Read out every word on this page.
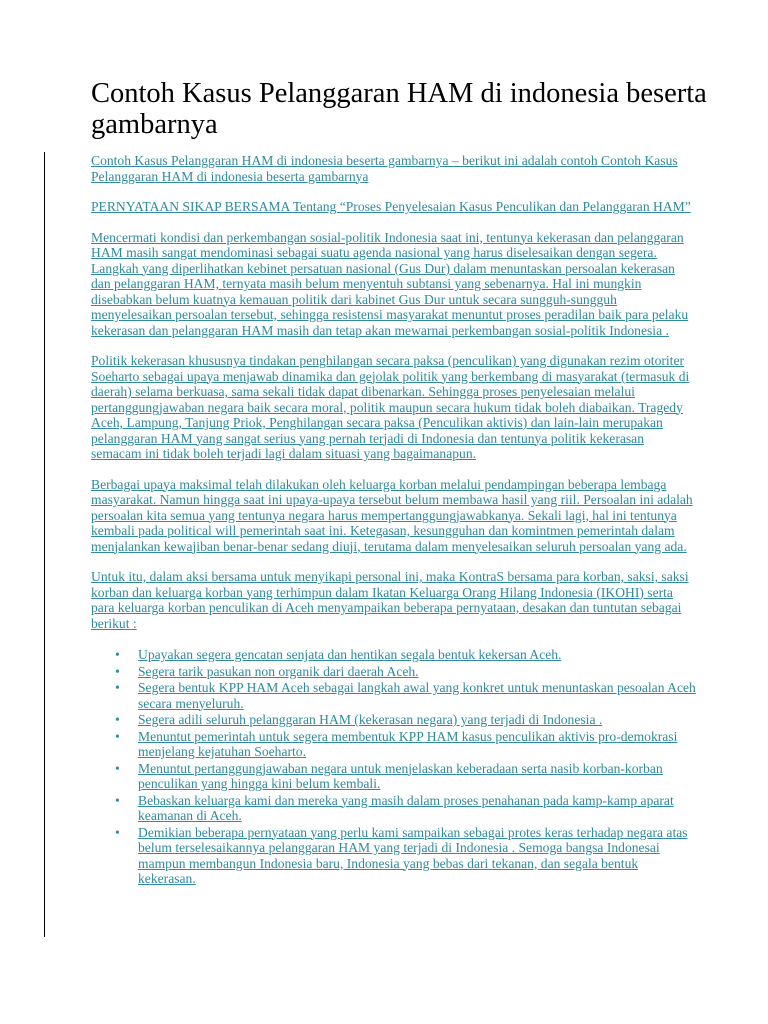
Contoh Kasus Pelanggaran HAM di indonesia beserta gambarnya

Contoh Kasus Pelanggaran HAM di indonesia beserta gambarnya – berikut ini adalah contoh Contoh Kasus Pelanggaran HAM di indonesia beserta gambarnya

PERNYATAAN SIKAP BERSAMA Tentang “Proses Penyelesaian Kasus Penculikan dan Pelanggaran HAM”

Mencermati kondisi dan perkembangan sosial-politik Indonesia saat ini, tentunya kekerasan dan pelanggaran HAM masih sangat mendominasi sebagai suatu agenda nasional yang harus diselesaikan dengan segera. Langkah yang diperlihatkan kebinet persatuan nasional (Gus Dur) dalam menuntaskan persoalan kekerasan dan pelanggaran HAM, ternyata masih belum menyentuh subtansi yang sebenarnya. Hal ini mungkin disebabkan belum kuatnya kemauan politik dari kabinet Gus Dur untuk secara sungguh-sungguh menyelesaikan persoalan tersebut, sehingga resistensi masyarakat menuntut proses peradilan baik para pelaku kekerasan dan pelanggaran HAM masih dan tetap akan mewarnai perkembangan sosial-politik Indonesia .

Politik kekerasan khususnya tindakan penghilangan secara paksa (penculikan) yang digunakan rezim otoriter Soeharto sebagai upaya menjawab dinamika dan gejolak politik yang berkembang di masyarakat (termasuk di daerah) selama berkuasa, sama sekali tidak dapat dibenarkan. Sehingga proses penyelesaian melalui pertanggungjawaban negara baik secara moral, politik maupun secara hukum tidak boleh diabaikan. Tragedy Aceh, Lampung, Tanjung Priok, Penghilangan secara paksa (Penculikan aktivis) dan lain-lain merupakan pelanggaran HAM yang sangat serius yang pernah terjadi di Indonesia dan tentunya politik kekerasan semacam ini tidak boleh terjadi lagi dalam situasi yang bagaimanapun.

Berbagai upaya maksimal telah dilakukan oleh keluarga korban melalui pendampingan beberapa lembaga masyarakat. Namun hingga saat ini upaya-upaya tersebut belum membawa hasil yang riil. Persoalan ini adalah persoalan kita semua yang tentunya negara harus mempertanggungjawabkanya. Sekali lagi, hal ini tentunya kembali pada political will pemerintah saat ini. Ketegasan, kesungguhan dan komintmen pemerintah dalam menjalankan kewajiban benar-benar sedang diuji, terutama dalam menyelesaikan seluruh persoalan yang ada.

Untuk itu, dalam aksi bersama untuk menyikapi personal ini, maka KontraS bersama para korban, saksi, saksi korban dan keluarga korban yang terhimpun dalam Ikatan Keluarga Orang Hilang Indonesia (IKOHI) serta para keluarga korban penculikan di Aceh menyampaikan beberapa pernyataan, desakan dan tuntutan sebagai berikut :

• Upayakan segera gencatan senjata dan hentikan segala bentuk kekersan Aceh.
• Segera tarik pasukan non organik dari daerah Aceh.
• Segera bentuk KPP HAM Aceh sebagai langkah awal yang konkret untuk menuntaskan pesoalan Aceh secara menyeluruh.
• Segera adili seluruh pelanggaran HAM (kekerasan negara) yang terjadi di Indonesia .
• Menuntut pemerintah untuk segera membentuk KPP HAM kasus penculikan aktivis pro-demokrasi menjelang kejatuhan Soeharto.
• Menuntut pertanggungjawaban negara untuk menjelaskan keberadaan serta nasib korban-korban penculikan yang hingga kini belum kembali.
• Bebaskan keluarga kami dan mereka yang masih dalam proses penahanan pada kamp-kamp aparat keamanan di Aceh.
• Demikian beberapa pernyataan yang perlu kami sampaikan sebagai protes keras terhadap negara atas belum terselesaikannya pelanggaran HAM yang terjadi di Indonesia . Semoga bangsa Indonesai mampun membangun Indonesia baru, Indonesia yang bebas dari tekanan, dan segala bentuk kekerasan.
